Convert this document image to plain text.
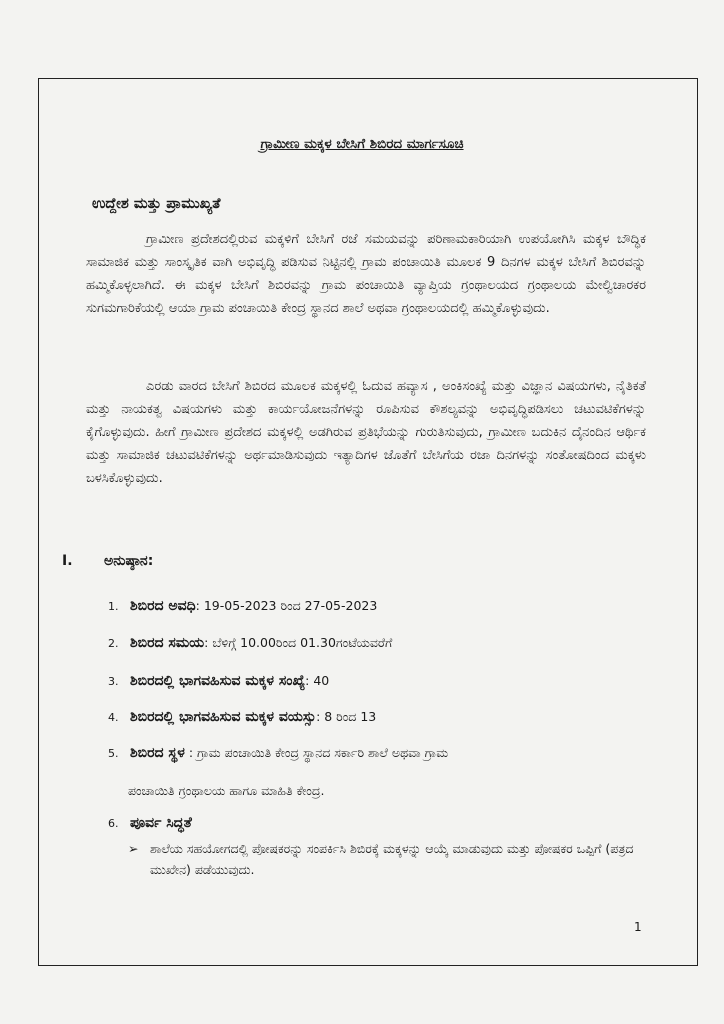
ಗ್ರಾಮೀಣ ಮಕ್ಕಳ ಬೇಸಿಗೆ ಶಿಬಿರದ ಮಾರ್ಗಸೂಚಿ
ಉದ್ದೇಶ ಮತ್ತು ಪ್ರಾಮುಖ್ಯತೆ
ಗ್ರಾಮೀಣ ಪ್ರದೇಶದಲ್ಲಿರುವ ಮಕ್ಕಳಿಗೆ ಬೇಸಿಗೆ ರಜೆ ಸಮಯವನ್ನು ಪರಿಣಾಮಕಾರಿಯಾಗಿ ಉಪಯೋಗಿಸಿ ಮಕ್ಕಳ ಬೌದ್ಧಿಕ ಸಾಮಾಜಿಕ ಮತ್ತು ಸಾಂಸ್ಕೃತಿಕ ವಾಗಿ ಅಭಿವೃದ್ಧಿ ಪಡಿಸುವ ನಿಟ್ಟಿನಲ್ಲಿ ಗ್ರಾಮ ಪಂಚಾಯಿತಿ ಮೂಲಕ 9 ದಿನಗಳ ಮಕ್ಕಳ ಬೇಸಿಗೆ ಶಿಬಿರವನ್ನು ಹಮ್ಮಿಕೊಳ್ಳಲಾಗಿದೆ. ಈ ಮಕ್ಕಳ ಬೇಸಿಗೆ ಶಿಬಿರವನ್ನು ಗ್ರಾಮ ಪಂಚಾಯಿತಿ ವ್ಯಾಪ್ತಿಯ ಗ್ರಂಥಾಲಯದ ಗ್ರಂಥಾಲಯ ಮೇಲ್ವಿಚಾರಕರ ಸುಗಮಗಾರಿಕೆಯಲ್ಲಿ ಆಯಾ ಗ್ರಾಮ ಪಂಚಾಯಿತಿ ಕೇಂದ್ರ ಸ್ಥಾನದ ಶಾಲೆ ಅಥವಾ ಗ್ರಂಥಾಲಯದಲ್ಲಿ ಹಮ್ಮಿಕೊಳ್ಳುವುದು.
ಎರಡು ವಾರದ ಬೇಸಿಗೆ ಶಿಬಿರದ ಮೂಲಕ ಮಕ್ಕಳಲ್ಲಿ ಓದುವ ಹವ್ಯಾಸ , ಅಂಕಿಸಂಖ್ಯೆ ಮತ್ತು ವಿಜ್ಞಾನ ವಿಷಯಗಳು, ನೈತಿಕತೆ ಮತ್ತು ನಾಯಕತ್ವ ವಿಷಯಗಳು ಮತ್ತು ಕಾರ್ಯಯೋಜನೆಗಳನ್ನು ರೂಪಿಸುವ ಕೌಶಲ್ಯವನ್ನು ಅಭಿವೃದ್ಧಿಪಡಿಸಲು ಚಟುವಟಿಕೆಗಳನ್ನು ಕೈಗೊಳ್ಳುವುದು. ಹೀಗೆ ಗ್ರಾಮೀಣ ಪ್ರದೇಶದ ಮಕ್ಕಳಲ್ಲಿ ಅಡಗಿರುವ ಪ್ರತಿಭೆಯನ್ನು ಗುರುತಿಸುವುದು, ಗ್ರಾಮೀಣ ಬದುಕಿನ ದೈನಂದಿನ ಆರ್ಥಿಕ ಮತ್ತು ಸಾಮಾಜಿಕ ಚಟುವಟಿಕೆಗಳನ್ನು ಅರ್ಥಮಾಡಿಸುವುದು ಇತ್ಯಾದಿಗಳ ಜೊತೆಗೆ ಬೇಸಿಗೆಯ ರಜಾ ದಿನಗಳನ್ನು ಸಂತೋಷದಿಂದ ಮಕ್ಕಳು ಬಳಸಿಕೊಳ್ಳುವುದು.
I. ಅನುಷ್ಠಾನ:
1. ಶಿಬಿರದ ಅವಧಿ: 19-05-2023 ರಿಂದ 27-05-2023
2. ಶಿಬಿರದ ಸಮಯ: ಬೆಳಿಗ್ಗೆ 10.00ರಿಂದ 01.30ಗಂಟೆಯವರೆಗೆ
3. ಶಿಬಿರದಲ್ಲಿ ಭಾಗವಹಿಸುವ ಮಕ್ಕಳ ಸಂಖ್ಯೆ: 40
4. ಶಿಬಿರದಲ್ಲಿ ಭಾಗವಹಿಸುವ ಮಕ್ಕಳ ವಯಸ್ಸು: 8 ರಿಂದ 13
5. ಶಿಬಿರದ ಸ್ಥಳ : ಗ್ರಾಮ ಪಂಚಾಯಿತಿ ಕೇಂದ್ರ ಸ್ಥಾನದ ಸರ್ಕಾರಿ ಶಾಲೆ ಅಥವಾ ಗ್ರಾಮ
ಪಂಚಾಯಿತಿ ಗ್ರಂಥಾಲಯ ಹಾಗೂ ಮಾಹಿತಿ ಕೇಂದ್ರ.
6. ಪೂರ್ವ ಸಿದ್ಧತೆ
➢ ಶಾಲೆಯ ಸಹಯೋಗದಲ್ಲಿ ಪೋಷಕರನ್ನು ಸಂಪರ್ಕಿಸಿ ಶಿಬಿರಕ್ಕೆ ಮಕ್ಕಳನ್ನು ಆಯ್ಕೆ ಮಾಡುವುದು ಮತ್ತು ಪೋಷಕರ ಒಪ್ಪಿಗೆ (ಪತ್ರದ ಮುಖೇನ) ಪಡೆಯುವುದು.
1
